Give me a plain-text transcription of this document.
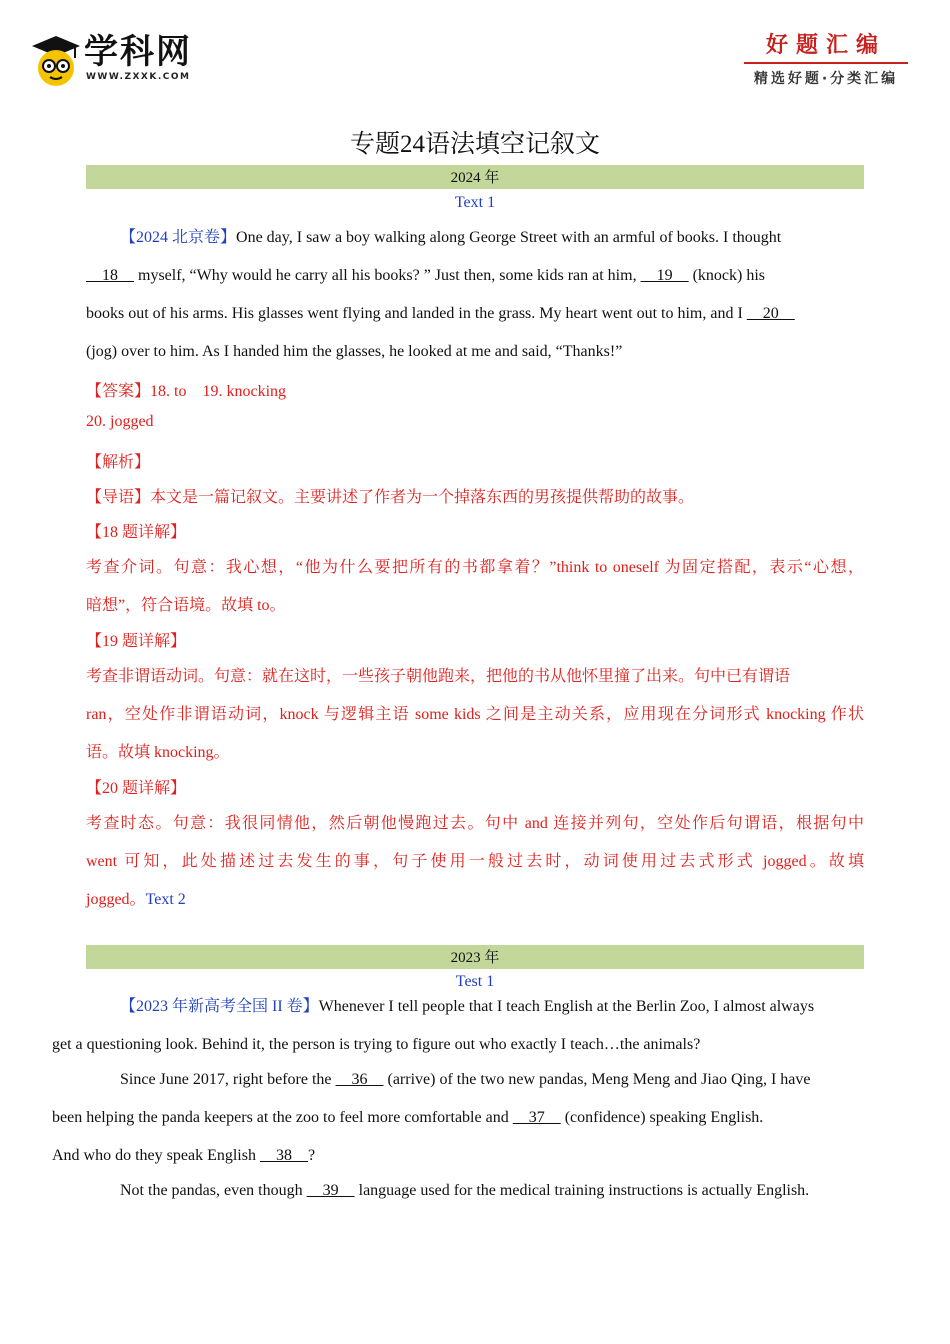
学科网
WWW.ZXXK.COM
好题汇编
精选好题·分类汇编
专题24语法填空记叙文
2024 年
Text 1

【2024 北京卷】One day, I saw a boy walking along George Street with an armful of books. I thought
18     myself, “Why would he carry all his books? ” Just then, some kids ran at him,     19     (knock) his
books out of his arms. His glasses went flying and landed in the grass. My heart went out to him, and I     20
(jog) over to him. As I handed him the glasses, he looked at me and said, “Thanks!”

【答案】18. to    19. knocking
20. jogged
【解析】
【导语】本文是一篇记叙文。主要讲述了作者为一个掉落东西的男孩提供帮助的故事。
【18 题详解】
考查介词。句意：我心想，“他为什么要把所有的书都拿着？”think to oneself 为固定搭配，表示“心想，
暗想”，符合语境。故填 to。
【19 题详解】
考查非谓语动词。句意：就在这时，一些孩子朝他跑来，把他的书从他怀里撞了出来。句中已有谓语
ran，空处作非谓语动词，knock 与逻辑主语 some kids 之间是主动关系，应用现在分词形式 knocking 作状
语。故填 knocking。
【20 题详解】
考查时态。句意：我很同情他，然后朝他慢跑过去。句中 and 连接并列句，空处作后句谓语，根据句中
went 可知，此处描述过去发生的事，句子使用一般过去时，动词使用过去式形式 jogged。故填
jogged。Text 2
2023 年
Test 1

【2023 年新高考全国 II 卷】Whenever I tell people that I teach English at the Berlin Zoo, I almost always
get a questioning look. Behind it, the person is trying to figure out who exactly I teach…the animals?

Since June 2017, right before the     36     (arrive) of the two new pandas, Meng Meng and Jiao Qing, I have
been helping the panda keepers at the zoo to feel more comfortable and     37     (confidence) speaking English.
And who do they speak English     38    ?

Not the pandas, even though     39     language used for the medical training instructions is actually English.
